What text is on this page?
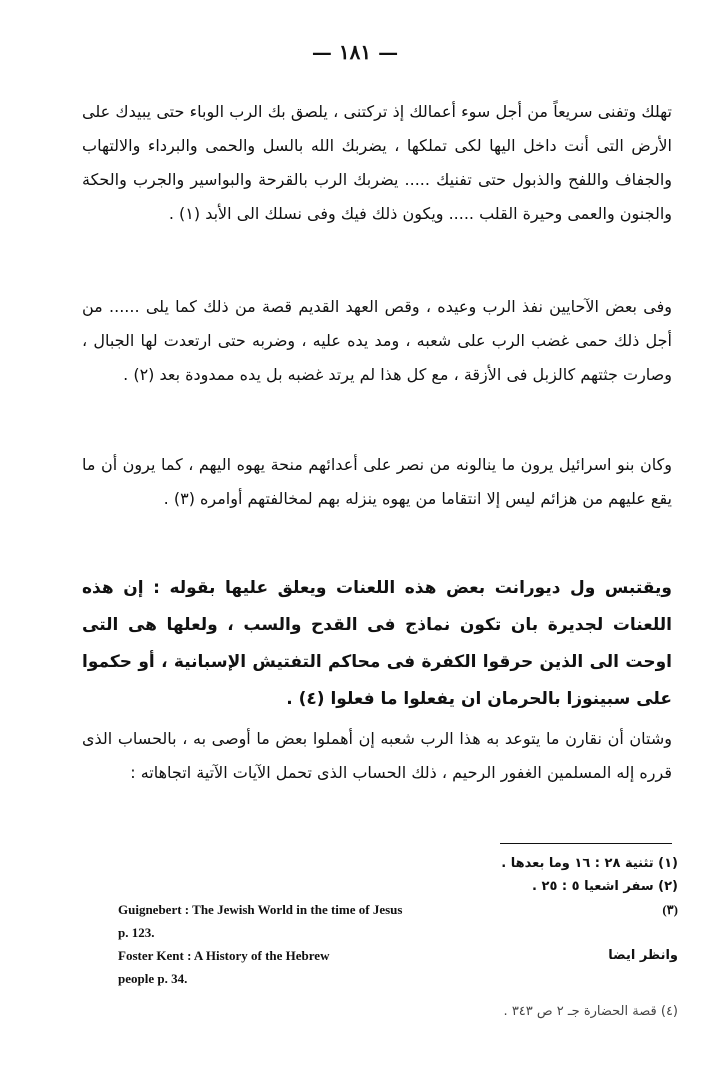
— ١٨١ —

تهلك وتفنى سريعاً من أجل سوء أعمالك إذ تركتنى ، يلصق بك الرب الوباء حتى يبيدك على الأرض التى أنت داخل اليها لكى تملكها ، يضربك الله بالسل والحمى والبرداء والالتهاب والجفاف واللفح والذبول حتى تفنيك ..... يضربك الرب بالقرحة والبواسير والجرب والحكة والجنون والعمى وحيرة القلب ..... ويكون ذلك فيك وفى نسلك الى الأبد (١) .

وفى بعض الآحايين نفذ الرب وعيده ، وقص العهد القديم قصة من ذلك كما يلى ...... من أجل ذلك حمى غضب الرب على شعبه ، ومد يده عليه ، وضربه حتى ارتعدت لها الجبال ، وصارت جثتهم كالزبل فى الأزقة ، مع كل هذا لم يرتد غضبه بل يده ممدودة بعد (٢) .

وكان بنو اسرائيل يرون ما ينالونه من نصر على أعدائهم منحة يهوه اليهم ، كما يرون أن ما يقع عليهم من هزائم ليس إلا انتقاما من يهوه ينزله بهم لمخالفتهم أوامره (٣) .

ويقتبس ول ديورانت بعض هذه اللعنات ويعلق عليها بقوله : إن هذه اللعنات لجديرة بان تكون نماذج فى القدح والسب ، ولعلها هى التى اوحت الى الذين حرقوا الكفرة فى محاكم التفتيش الإسبانية ، أو حكموا على سبينوزا بالحرمان ان يفعلوا ما فعلوا (٤) .

وشتان أن نقارن ما يتوعد به هذا الرب شعبه إن أهملوا بعض ما أوصى به ، بالحساب الذى قرره إله المسلمين الغفور الرحيم ، ذلك الحساب الذى تحمل الآيات الآتية اتجاهاته :

(١) تثنية ٢٨ : ١٦ وما بعدها .
(٢) سفر اشعيا ٥ : ٢٥ .
Guignebert : The Jewish World in the time of Jesus	(٣)
p. 123.
Foster Kent : A History of the Hebrew	وانظر ايضا
people p. 34.
(٤) قصة الحضارة جـ ٢ ص ٣٤٣ .
